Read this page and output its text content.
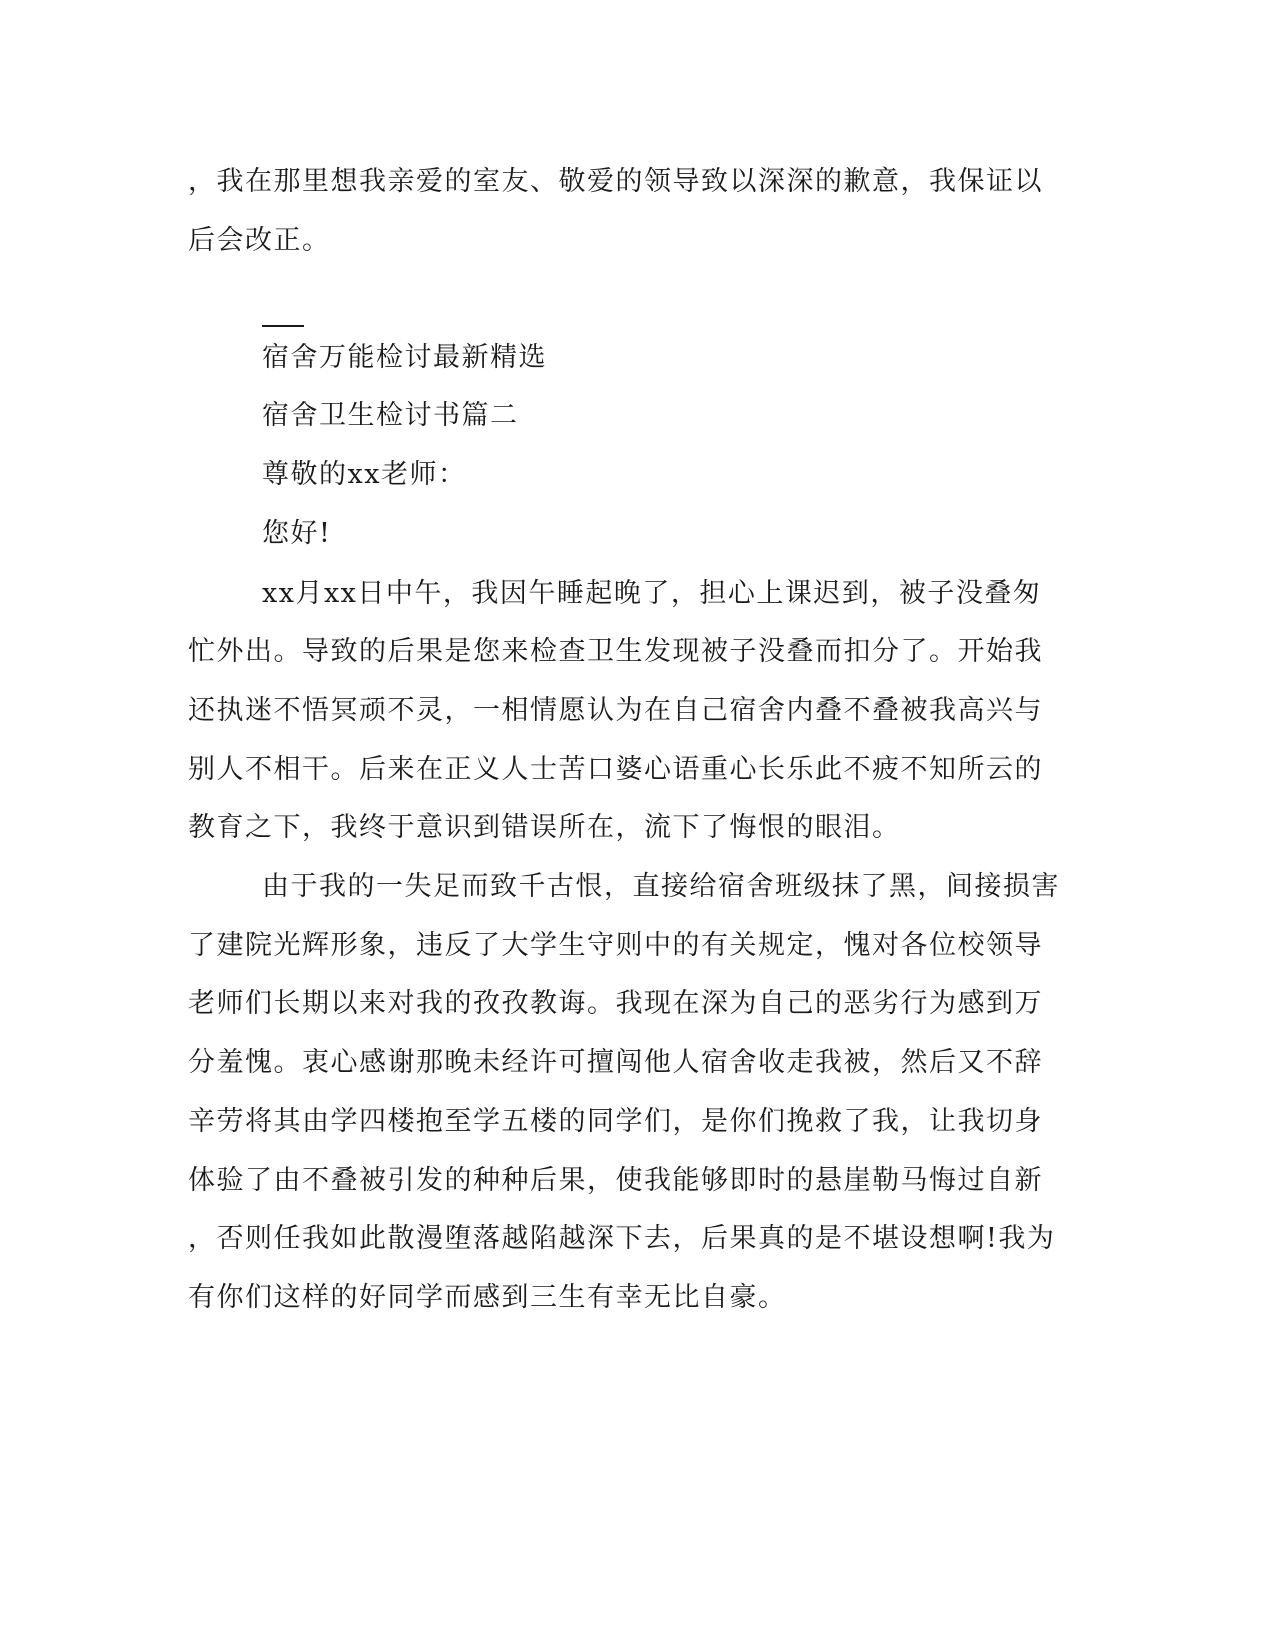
，我在那里想我亲爱的室友、敬爱的领导致以深深的歉意，我保证以
后会改正。
宿舍万能检讨最新精选
宿舍卫生检讨书篇二
尊敬的xx老师：
您好!
xx月xx日中午，我因午睡起晚了，担心上课迟到，被子没叠匆
忙外出。导致的后果是您来检查卫生发现被子没叠而扣分了。开始我
还执迷不悟冥顽不灵，一相情愿认为在自己宿舍内叠不叠被我高兴与
别人不相干。后来在正义人士苦口婆心语重心长乐此不疲不知所云的
教育之下，我终于意识到错误所在，流下了悔恨的眼泪。
由于我的一失足而致千古恨，直接给宿舍班级抹了黑，间接损害
了建院光辉形象，违反了大学生守则中的有关规定，愧对各位校领导
老师们长期以来对我的孜孜教诲。我现在深为自己的恶劣行为感到万
分羞愧。衷心感谢那晚未经许可擅闯他人宿舍收走我被，然后又不辞
辛劳将其由学四楼抱至学五楼的同学们，是你们挽救了我，让我切身
体验了由不叠被引发的种种后果，使我能够即时的悬崖勒马悔过自新
，否则任我如此散漫堕落越陷越深下去，后果真的是不堪设想啊!我为
有你们这样的好同学而感到三生有幸无比自豪。
